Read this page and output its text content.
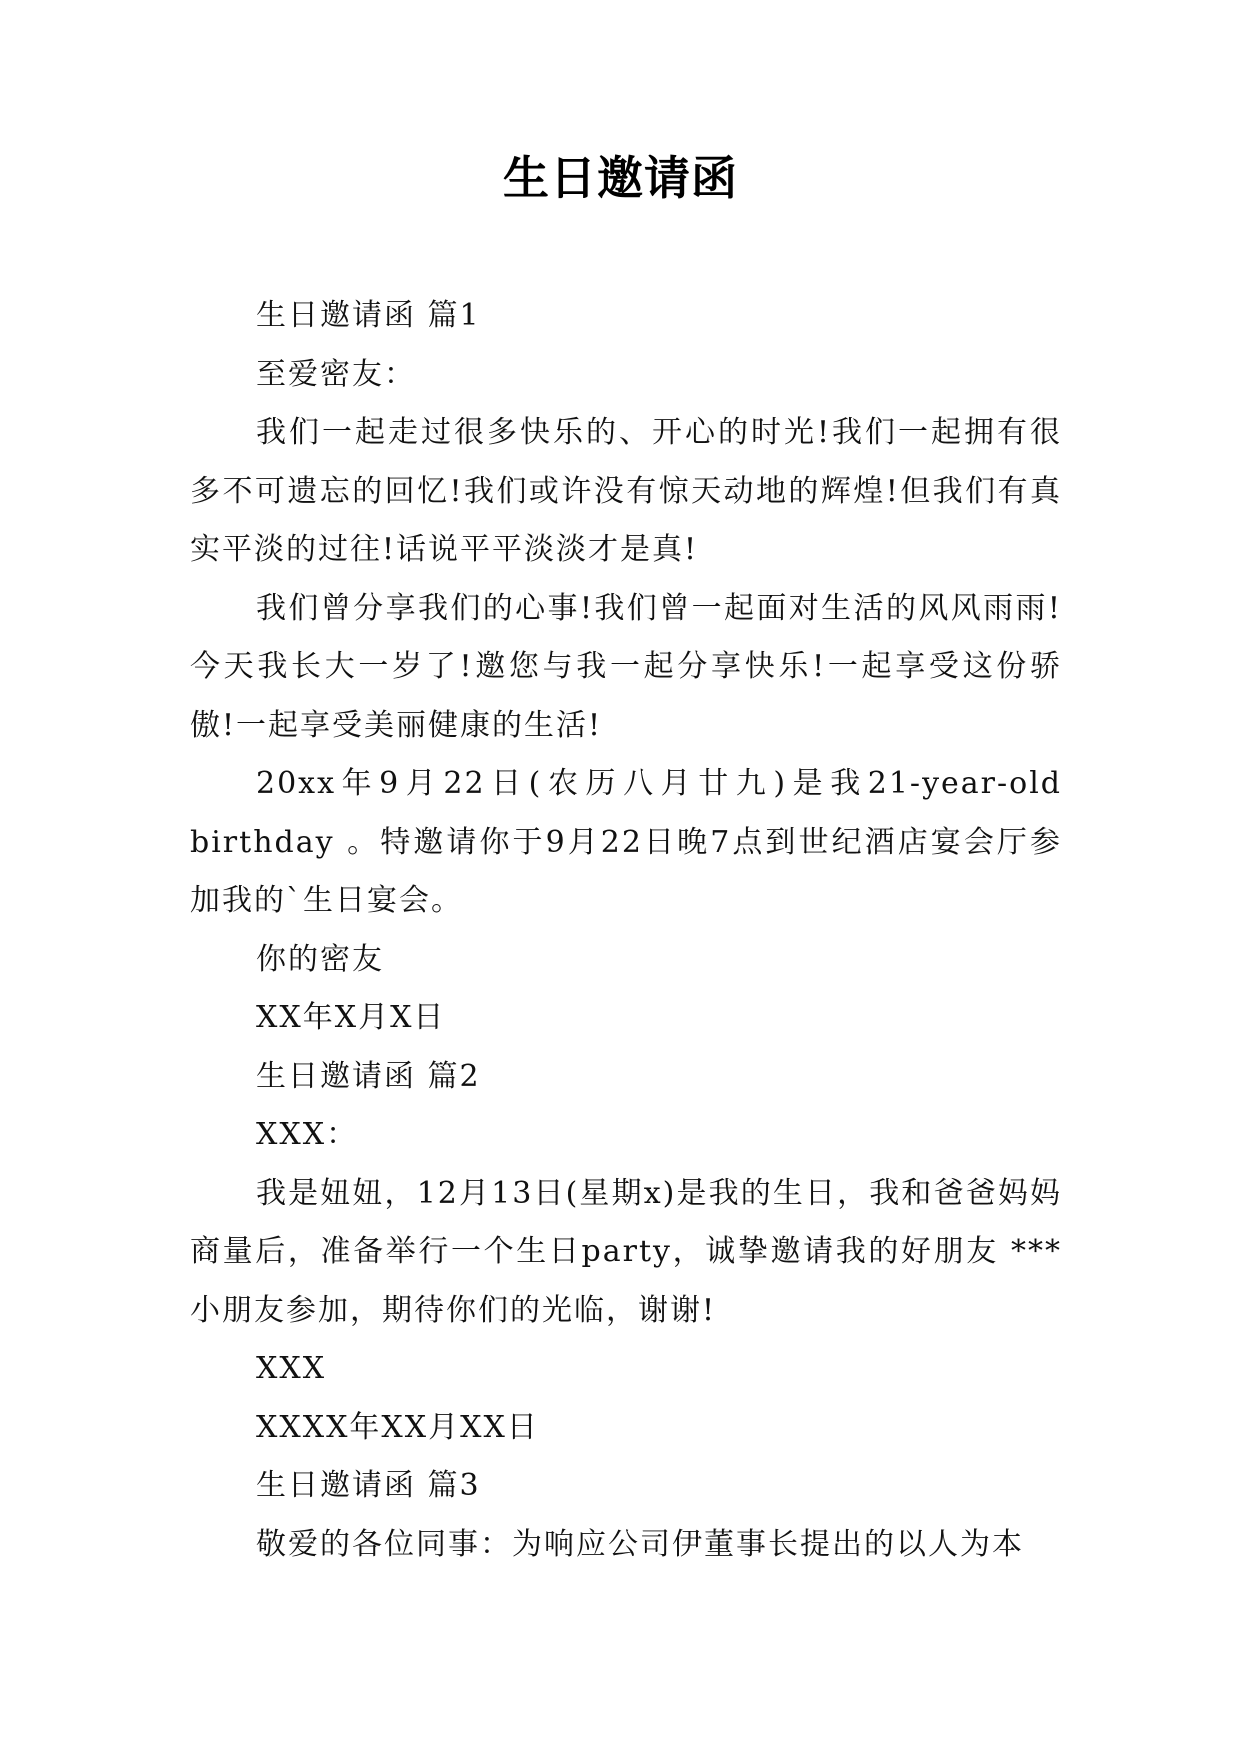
生日邀请函

生日邀请函 篇1

至爱密友：

我们一起走过很多快乐的、开心的时光!我们一起拥有很多不可遗忘的回忆!我们或许没有惊天动地的辉煌!但我们有真实平淡的过往!话说平平淡淡才是真!

我们曾分享我们的心事!我们曾一起面对生活的风风雨雨!今天我长大一岁了!邀您与我一起分享快乐!一起享受这份骄傲!一起享受美丽健康的生活!

20xx年9月22日(农历八月廿九)是我21-year-old birthday 。特邀请你于9月22日晚7点到世纪酒店宴会厅参加我的`生日宴会。

你的密友

XX年X月X日

生日邀请函 篇2

XXX：

我是妞妞，12月13日(星期x)是我的生日，我和爸爸妈妈商量后，准备举行一个生日party，诚挚邀请我的好朋友 *** 小朋友参加，期待你们的光临，谢谢!

XXX

XXXX年XX月XX日

生日邀请函 篇3

敬爱的各位同事：为响应公司伊董事长提出的以人为本
